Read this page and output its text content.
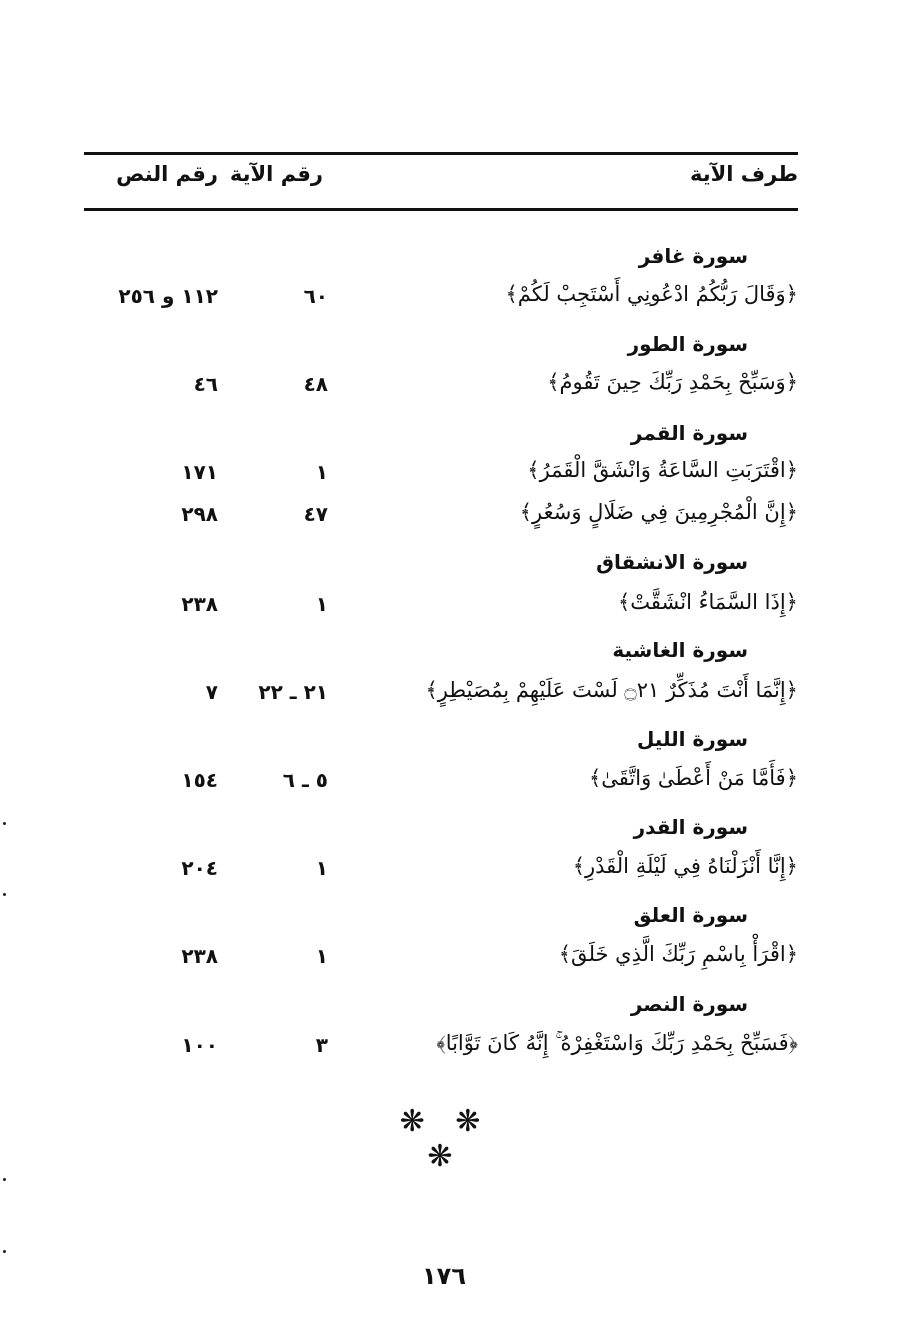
رقم النص رقم الآية	طرف الآية
سورة غافر
﴿وَقَالَ رَبُّكُمُ ادْعُونِي أَسْتَجِبْ لَكُمْ﴾
٦٠
١١٢ و ٢٥٦
سورة الطور
﴿وَسَبِّحْ بِحَمْدِ رَبِّكَ حِينَ تَقُومُ﴾
٤٨
٤٦
سورة القمر
﴿اقْتَرَبَتِ السَّاعَةُ وَانْشَقَّ الْقَمَرُ﴾
١
١٧١
﴿إِنَّ الْمُجْرِمِينَ فِي ضَلَالٍ وَسُعُرٍ﴾
٤٧
٢٩٨
سورة الانشقاق
﴿إِذَا السَّمَاءُ انْشَقَّتْ﴾
١
٢٣٨
سورة الغاشية
﴿إِنَّمَا أَنْتَ مُذَكِّرٌ ۝٢١ لَسْتَ عَلَيْهِمْ بِمُصَيْطِرٍ﴾
٢١ ـ ٢٢
٧
سورة الليل
﴿فَأَمَّا مَنْ أَعْطَىٰ وَاتَّقَىٰ﴾
٥ ـ ٦
١٥٤
سورة القدر
﴿إِنَّا أَنْزَلْنَاهُ فِي لَيْلَةِ الْقَدْرِ﴾
١
٢٠٤
سورة العلق
﴿اقْرَأْ بِاسْمِ رَبِّكَ الَّذِي خَلَقَ﴾
١
٢٣٨
سورة النصر
﴿فَسَبِّحْ بِحَمْدِ رَبِّكَ وَاسْتَغْفِرْهُ ۚ إِنَّهُ كَانَ تَوَّابًا﴾
٣
١٠٠
❋ ❋ ❋
١٧٦
